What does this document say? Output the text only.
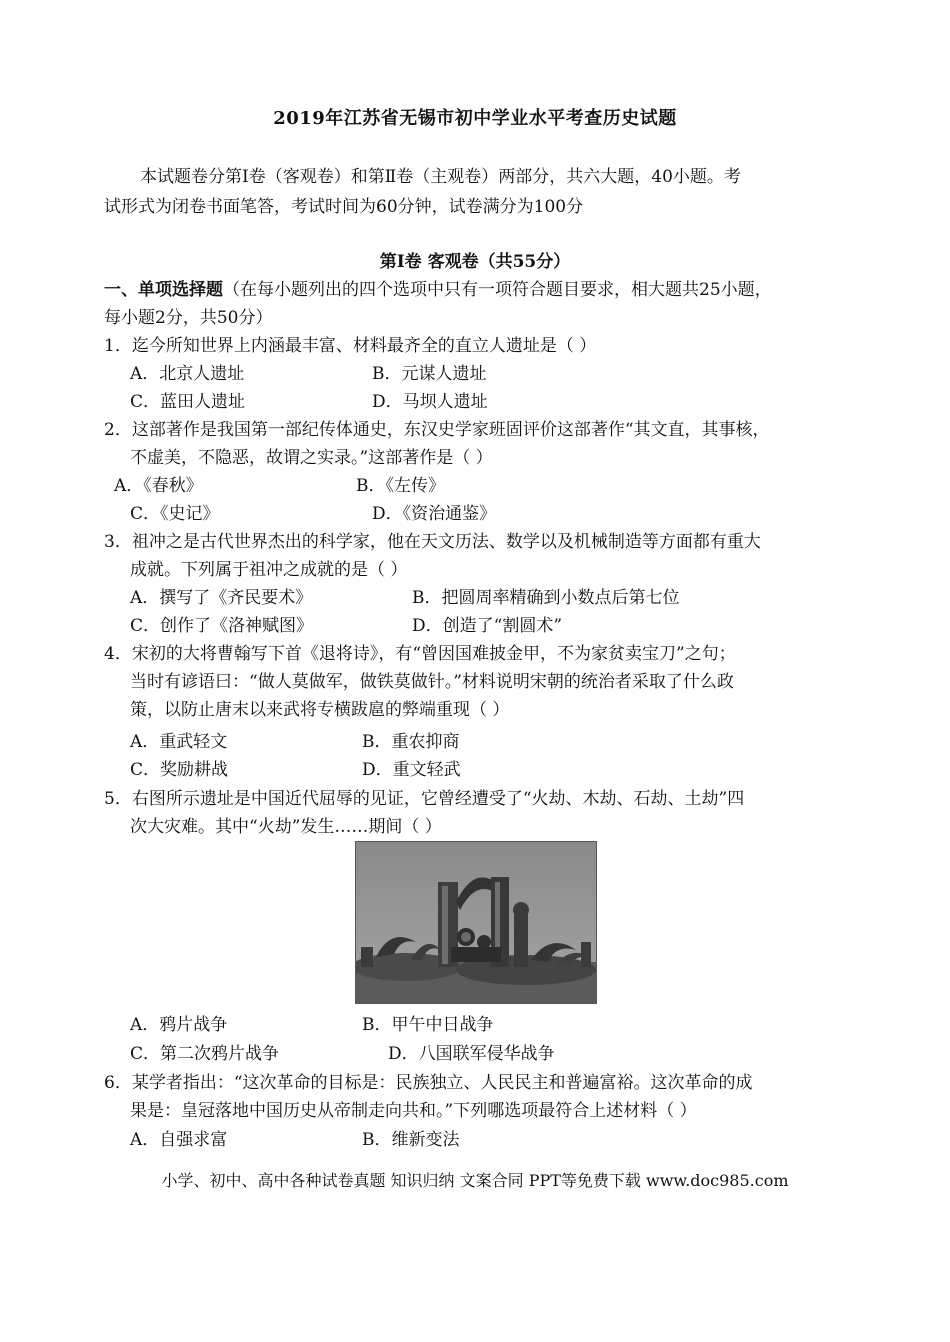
2019年江苏省无锡市初中学业水平考查历史试题
本试题卷分第Ⅰ卷（客观卷）和第Ⅱ卷（主观卷）两部分，共六大题，40小题。考
试形式为闭卷书面笔答，考试时间为60分钟，试卷满分为100分
第Ⅰ卷 客观卷（共55分）
一、单项选择题（在每小题列出的四个选项中只有一项符合题目要求，相大题共25小题，
每小题2分，共50分）
1．迄今所知世界上内涵最丰富、材料最齐全的直立人遗址是（ ）
A．北京人遗址	B．元谋人遗址
C．蓝田人遗址	D．马坝人遗址
2．这部著作是我国第一部纪传体通史，东汉史学家班固评价这部著作“其文直，其事核，
不虚美，不隐恶，故谓之实录。”这部著作是（ ）
A．《春秋》	B．《左传》
C．《史记》	D．《资治通鉴》
3．祖冲之是古代世界杰出的科学家，他在天文历法、数学以及机械制造等方面都有重大
成就。下列属于祖冲之成就的是（ ）
A．撰写了《齐民要术》	B．把圆周率精确到小数点后第七位
C．创作了《洛神赋图》	D．创造了“割圆术”
4．宋初的大将曹翰写下首《退将诗》，有“曾因国难披金甲，不为家贫卖宝刀”之句；
当时有谚语曰：“做人莫做军，做铁莫做针。”材料说明宋朝的统治者采取了什么政
策，以防止唐末以来武将专横跋扈的弊端重现（ ）
A．重武轻文	B．重农抑商
C．奖励耕战	D．重文轻武
5．右图所示遗址是中国近代屈辱的见证，它曾经遭受了“火劫、木劫、石劫、土劫”四
次大灾难。其中“火劫”发生……期间（ ）
A．鸦片战争	B．甲午中日战争
C．第二次鸦片战争	D．八国联军侵华战争
6．某学者指出：“这次革命的目标是：民族独立、人民民主和普遍富裕。这次革命的成
果是：皇冠落地中国历史从帝制走向共和。”下列哪选项最符合上述材料（ ）
A．自强求富	B．维新变法
小学、初中、高中各种试卷真题 知识归纳 文案合同 PPT等免费下载 www.doc985.com
